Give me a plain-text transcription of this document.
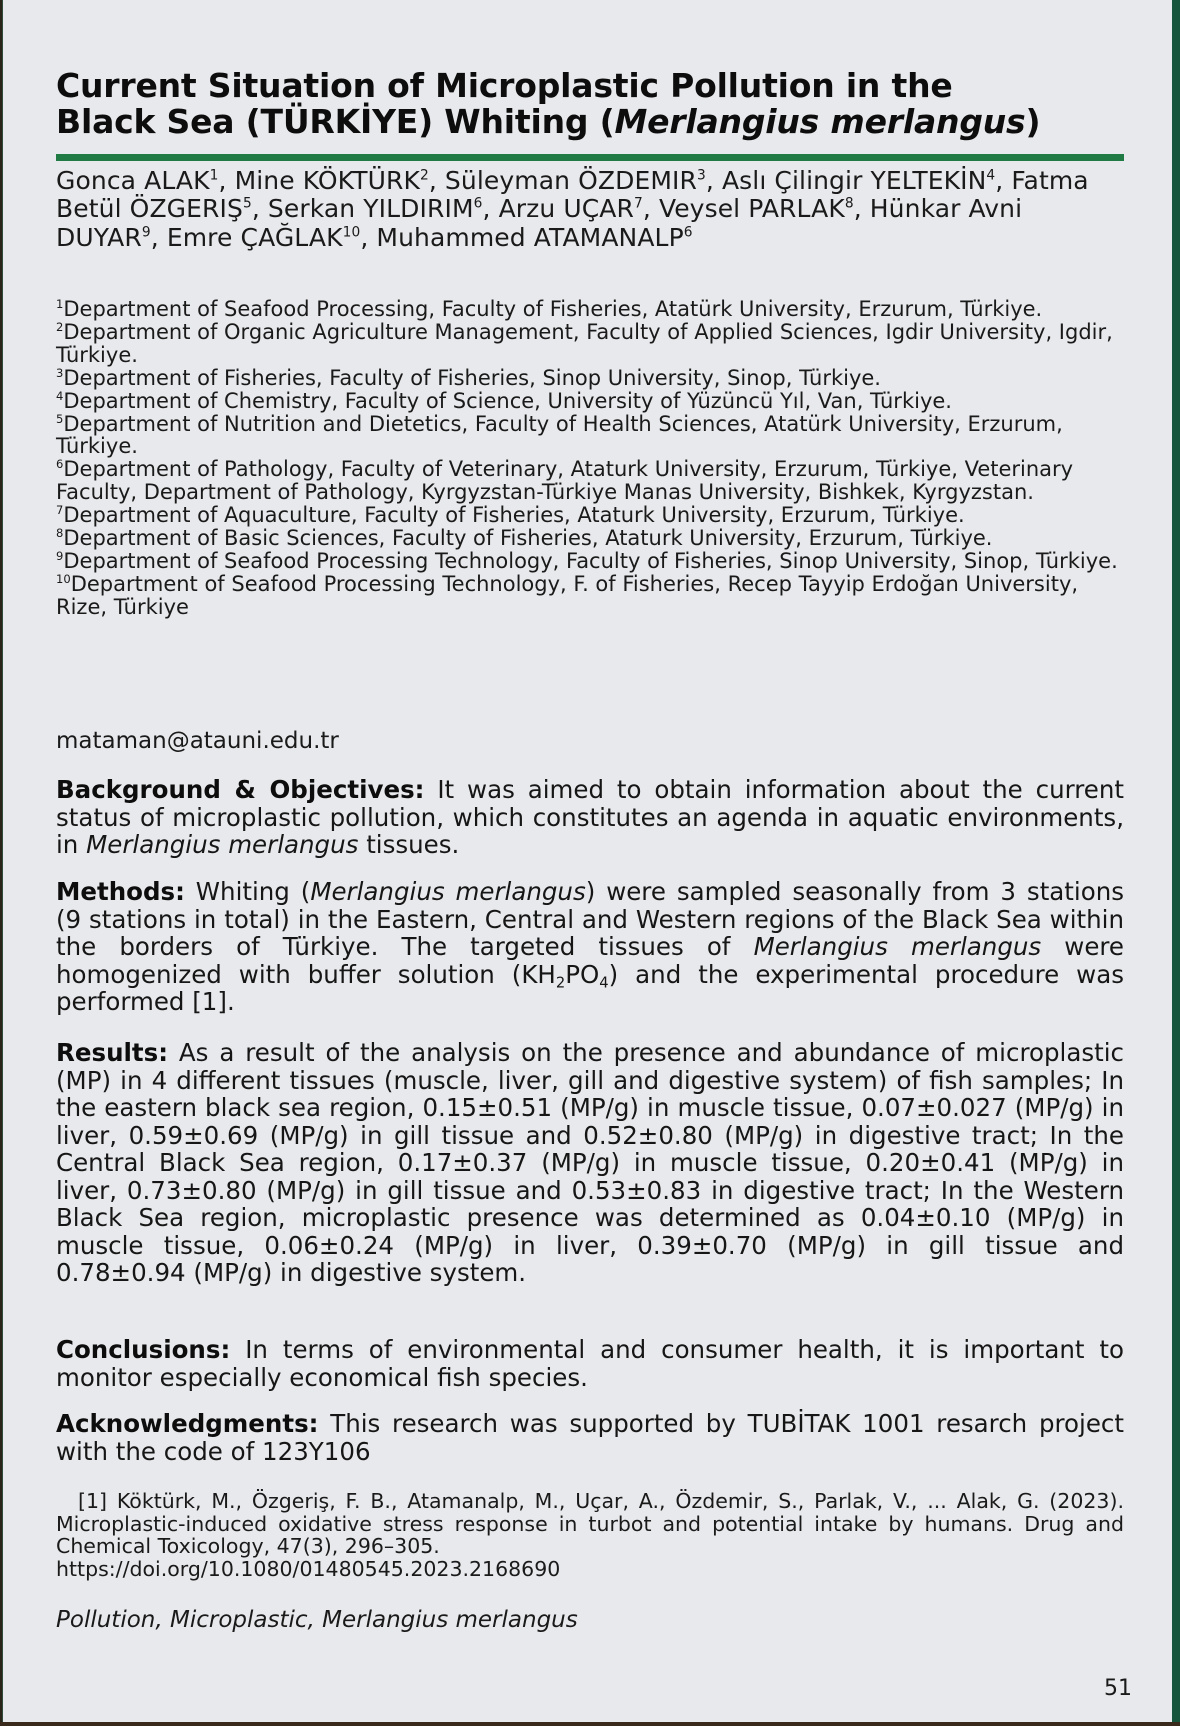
Current Situation of Microplastic Pollution in the
Black Sea (TÜRKİYE) Whiting (Merlangius merlangus)
Gonca ALAK$^1$, Mine KÖKTÜRK$^2$, Süleyman ÖZDEMIR$^3$, Aslı Çilingir YELTEKİN$^4$, Fatma Betül ÖZGERIŞ$^5$, Serkan YILDIRIM$^6$, Arzu UÇAR$^7$, Veysel PARLAK$^8$, Hünkar Avni DUYAR$^9$, Emre ÇAĞLAK$^{10}$, Muhammed ATAMANALP$^6$
$^1$Department of Seafood Processing, Faculty of Fisheries, Atatürk University, Erzurum, Türkiye.
$^2$Department of Organic Agriculture Management, Faculty of Applied Sciences, Igdir University, Igdir, Türkiye.
$^3$Department of Fisheries, Faculty of Fisheries, Sinop University, Sinop, Türkiye.
$^4$Department of Chemistry, Faculty of Science, University of Yüzüncü Yıl, Van, Türkiye.
$^5$Department of Nutrition and Dietetics, Faculty of Health Sciences, Atatürk University, Erzurum, Türkiye.
$^6$Department of Pathology, Faculty of Veterinary, Ataturk University, Erzurum, Türkiye, Veterinary Faculty, Department of Pathology, Kyrgyzstan-Türkiye Manas University, Bishkek, Kyrgyzstan.
$^7$Department of Aquaculture, Faculty of Fisheries, Ataturk University, Erzurum, Türkiye.
$^8$Department of Basic Sciences, Faculty of Fisheries, Ataturk University, Erzurum, Türkiye.
$^9$Department of Seafood Processing Technology, Faculty of Fisheries, Sinop University, Sinop, Türkiye.
$^{10}$Department of Seafood Processing Technology, F. of Fisheries, Recep Tayyip Erdoğan University, Rize, Türkiye
mataman@atauni.edu.tr
Background & Objectives: It was aimed to obtain information about the current status of microplastic pollution, which constitutes an agenda in aquatic environments, in Merlangius merlangus tissues.
Methods: Whiting (Merlangius merlangus) were sampled seasonally from 3 stations (9 stations in total) in the Eastern, Central and Western regions of the Black Sea within the borders of Türkiye. The targeted tissues of Merlangius merlangus were homogenized with buffer solution $(KH_2PO_4)$ and the experimental procedure was performed [1].
Results: As a result of the analysis on the presence and abundance of microplastic (MP) in 4 different tissues (muscle, liver, gill and digestive system) of fish samples; In the eastern black sea region, 0.15±0.51 (MP/g) in muscle tissue, 0.07±0.027 (MP/g) in liver, 0.59±0.69 (MP/g) in gill tissue and 0.52±0.80 (MP/g) in digestive tract; In the Central Black Sea region, 0.17±0.37 (MP/g) in muscle tissue, 0.20±0.41 (MP/g) in liver, 0.73±0.80 (MP/g) in gill tissue and 0.53±0.83 in digestive tract; In the Western Black Sea region, microplastic presence was determined as 0.04±0.10 (MP/g) in muscle tissue, 0.06±0.24 (MP/g) in liver, 0.39±0.70 (MP/g) in gill tissue and 0.78±0.94 (MP/g) in digestive system.
Conclusions: In terms of environmental and consumer health, it is important to monitor especially economical fish species.
Acknowledgments: This research was supported by TUBİTAK 1001 resarch project with the code of 123Y106
[1] Köktürk, M., Özgeriş, F. B., Atamanalp, M., Uçar, A., Özdemir, S., Parlak, V., ... Alak, G. (2023). Microplastic-induced oxidative stress response in turbot and potential intake by humans. Drug and Chemical Toxicology, 47(3), 296–305.
https://doi.org/10.1080/01480545.2023.2168690
Pollution, Microplastic, Merlangius merlangus
51
